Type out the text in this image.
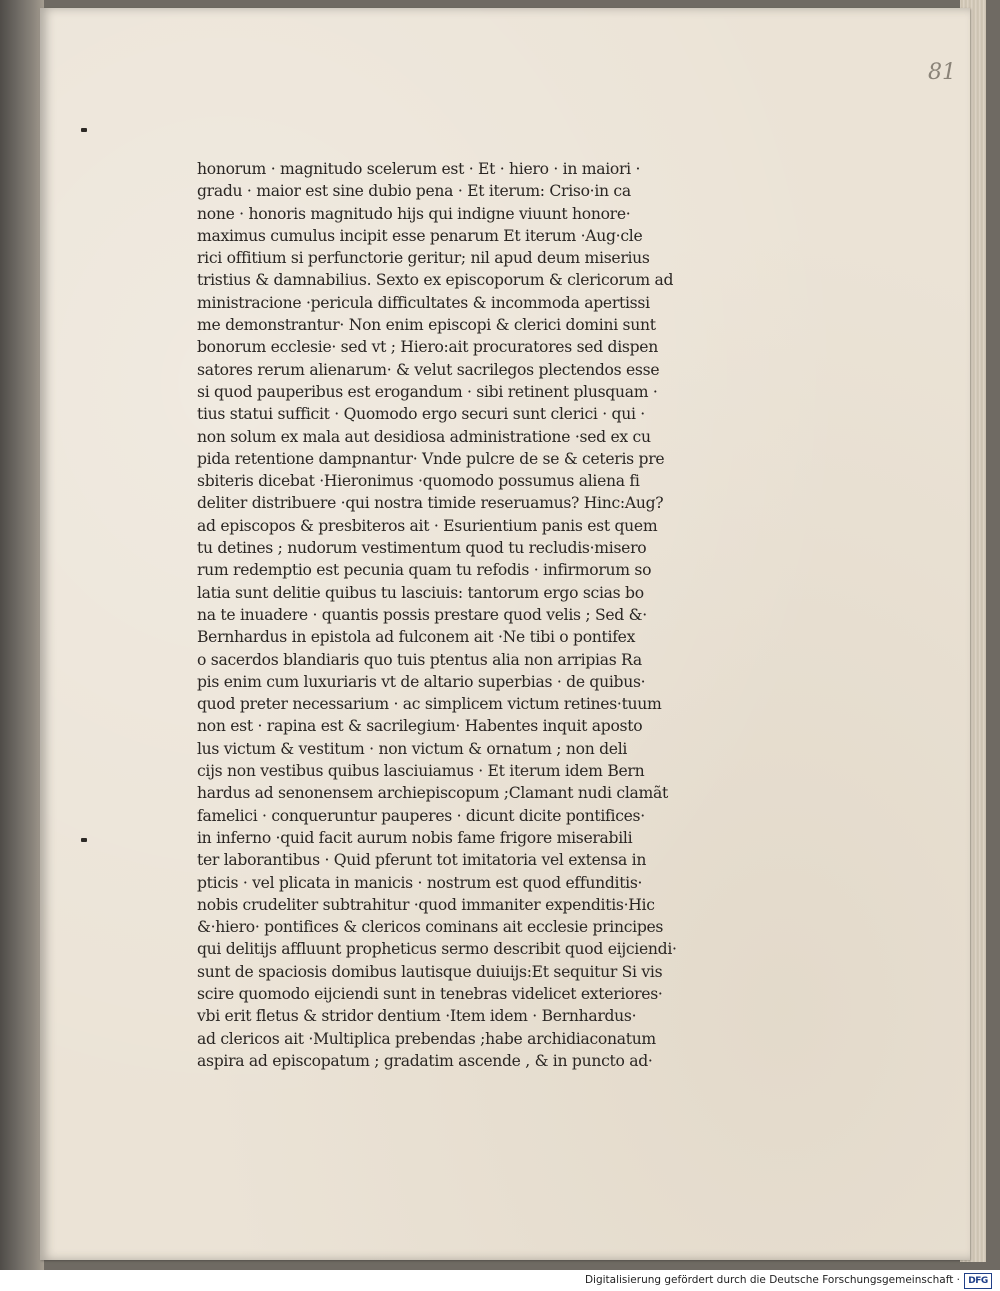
81
honorum · magnitudo scelerum est · Et · hiero · in maiori ·
gradu · maior est sine dubio pena · Et iterum: Criso·in ca
none · honoris magnitudo hijs qui indigne viuunt honore·
maximus cumulus incipit esse penarum Et iterum ·Aug·cle
rici offitium si perfunctorie geritur; nil apud deum miserius
tristius & damnabilius. Sexto ex episcoporum & clericorum ad
ministracione ·pericula difficultates & incommoda apertissi
me demonstrantur· Non enim episcopi & clerici domini sunt
bonorum ecclesie· sed vt ; Hiero:ait procuratores sed dispen
satores rerum alienarum· & velut sacrilegos plectendos esse
si quod pauperibus est erogandum · sibi retinent plusquam ·
tius statui sufficit · Quomodo ergo securi sunt clerici · qui ·
non solum ex mala aut desidiosa administratione ·sed ex cu
pida retentione dampnantur· Vnde pulcre de se & ceteris pre
sbiteris dicebat ·Hieronimus ·quomodo possumus aliena fi
deliter distribuere ·qui nostra timide reseruamus? Hinc:Aug?
ad episcopos & presbiteros ait · Esurientium panis est quem
tu detines ; nudorum vestimentum quod tu recludis·misero
rum redemptio est pecunia quam tu refodis · infirmorum so
latia sunt delitie quibus tu lasciuis: tantorum ergo scias bo
na te inuadere · quantis possis prestare quod velis ; Sed &·
Bernhardus in epistola ad fulconem ait ·Ne tibi o pontifex
o sacerdos blandiaris quo tuis ptentus alia non arripias Ra
pis enim cum luxuriaris vt de altario superbias · de quibus·
quod preter necessarium · ac simplicem victum retines·tuum
non est · rapina est & sacrilegium· Habentes inquit aposto
lus victum & vestitum · non victum & ornatum ; non deli
cijs non vestibus quibus lasciuiamus · Et iterum idem Bern
hardus ad senonensem archiepiscopum ;Clamant nudi clamãt
famelici · conqueruntur pauperes · dicunt dicite pontifices·
in inferno ·quid facit aurum nobis fame frigore miserabili
ter laborantibus · Quid pferunt tot imitatoria vel extensa in
pticis · vel plicata in manicis · nostrum est quod effunditis·
nobis crudeliter subtrahitur ·quod immaniter expenditis·Hic
&·hiero· pontifices & clericos cominans ait ecclesie principes
qui delitijs affluunt propheticus sermo describit quod eijciendi·
sunt de spaciosis domibus lautisque duiuijs:Et sequitur Si vis
scire quomodo eijciendi sunt in tenebras videlicet exteriores·
vbi erit fletus & stridor dentium ·Item idem · Bernhardus·
ad clericos ait ·Multiplica prebendas ;habe archidiaconatum
aspira ad episcopatum ; gradatim ascende , & in puncto ad·
Digitalisierung gefördert durch die Deutsche Forschungsgemeinschaft · DFG
